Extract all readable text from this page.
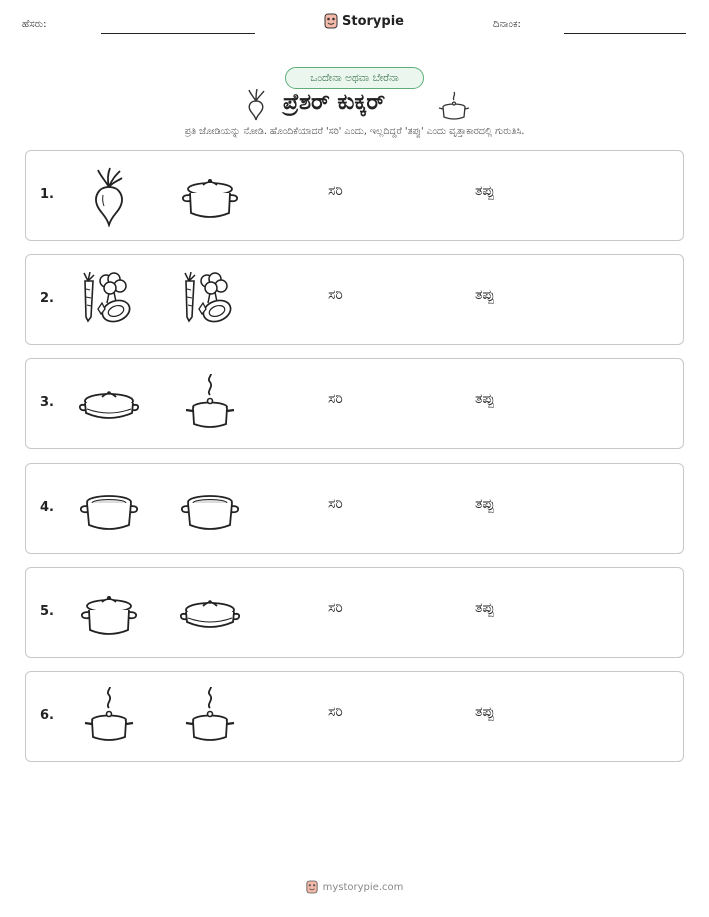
ಹೆಸರು:	Storypie	ದಿನಾಂಕ:
ಒಂದೇನಾ ಅಥವಾ ಬೇರೆನಾ
ಪ್ರೆಶರ್ ಕುಕ್ಕರ್
ಪ್ರತಿ ಜೋಡಿಯನ್ನು ನೋಡಿ. ಹೊಂದಿಕೆಯಾದರೆ 'ಸರಿ' ಎಂದು, ಇಲ್ಲದಿದ್ದರೆ 'ತಪ್ಪು' ಎಂದು ವೃತ್ತಾಕಾರದಲ್ಲಿ ಗುರುತಿಸಿ.
1.	ಸರಿ	ತಪ್ಪು
2.	ಸರಿ	ತಪ್ಪು
3.	ಸರಿ	ತಪ್ಪು
4.	ಸರಿ	ತಪ್ಪು
5.	ಸರಿ	ತಪ್ಪು
6.	ಸರಿ	ತಪ್ಪು
mystorypie.com
